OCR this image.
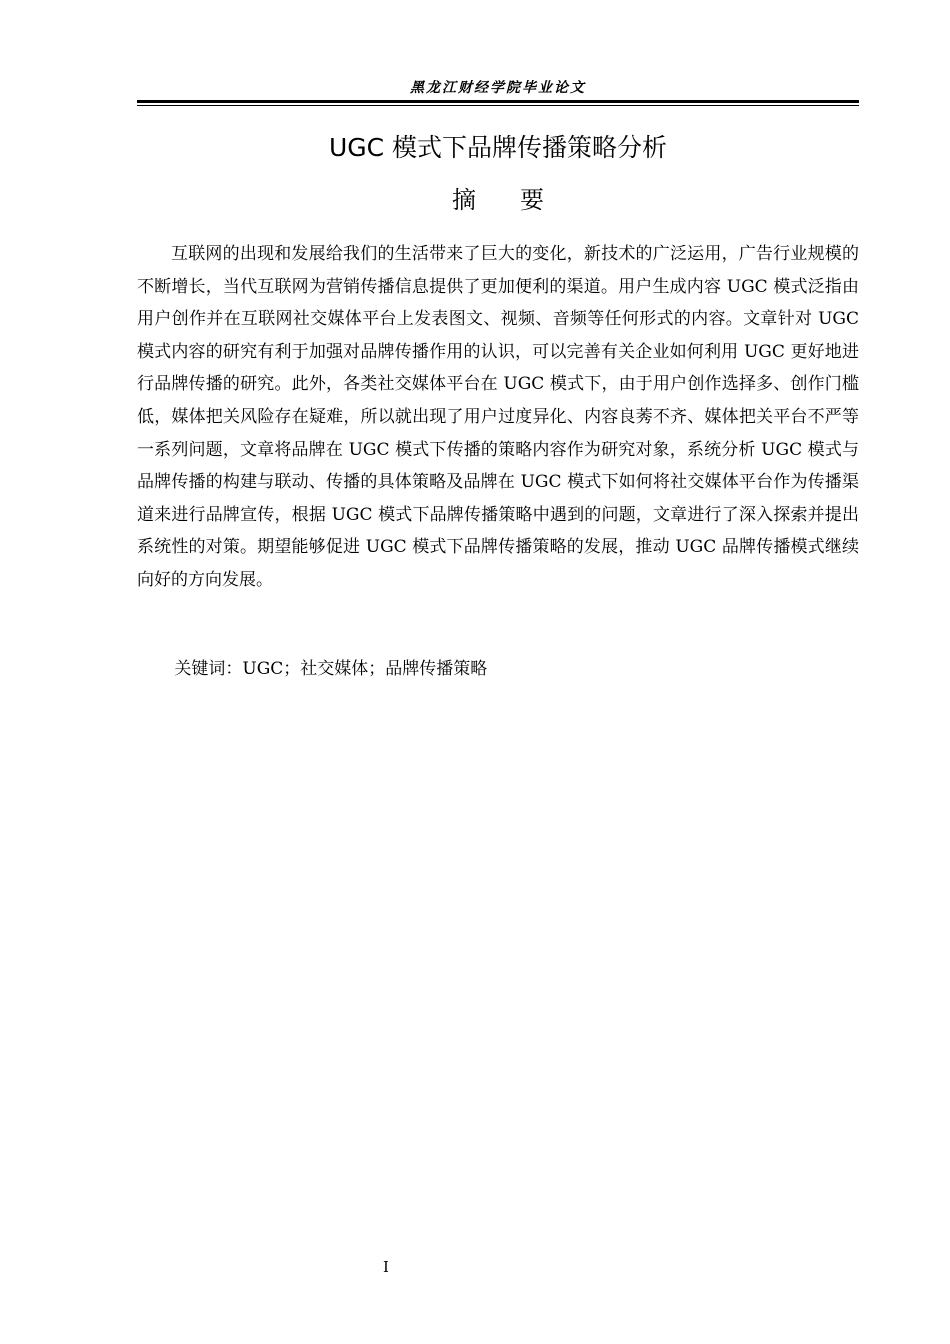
黑龙江财经学院毕业论文
UGC 模式下品牌传播策略分析
摘 要

互联网的出现和发展给我们的生活带来了巨大的变化，新技术的广泛运用，广告行业规模的不断增长，当代互联网为营销传播信息提供了更加便利的渠道。用户生成内容 UGC 模式泛指由用户创作并在互联网社交媒体平台上发表图文、视频、音频等任何形式的内容。文章针对 UGC 模式内容的研究有利于加强对品牌传播作用的认识，可以完善有关企业如何利用 UGC 更好地进行品牌传播的研究。此外，各类社交媒体平台在 UGC 模式下，由于用户创作选择多、创作门槛低，媒体把关风险存在疑难，所以就出现了用户过度异化、内容良莠不齐、媒体把关平台不严等一系列问题，文章将品牌在 UGC 模式下传播的策略内容作为研究对象，系统分析 UGC 模式与品牌传播的构建与联动、传播的具体策略及品牌在 UGC 模式下如何将社交媒体平台作为传播渠道来进行品牌宣传，根据 UGC 模式下品牌传播策略中遇到的问题，文章进行了深入探索并提出系统性的对策。期望能够促进 UGC 模式下品牌传播策略的发展，推动 UGC 品牌传播模式继续向好的方向发展。

关键词：UGC；社交媒体；品牌传播策略

I
